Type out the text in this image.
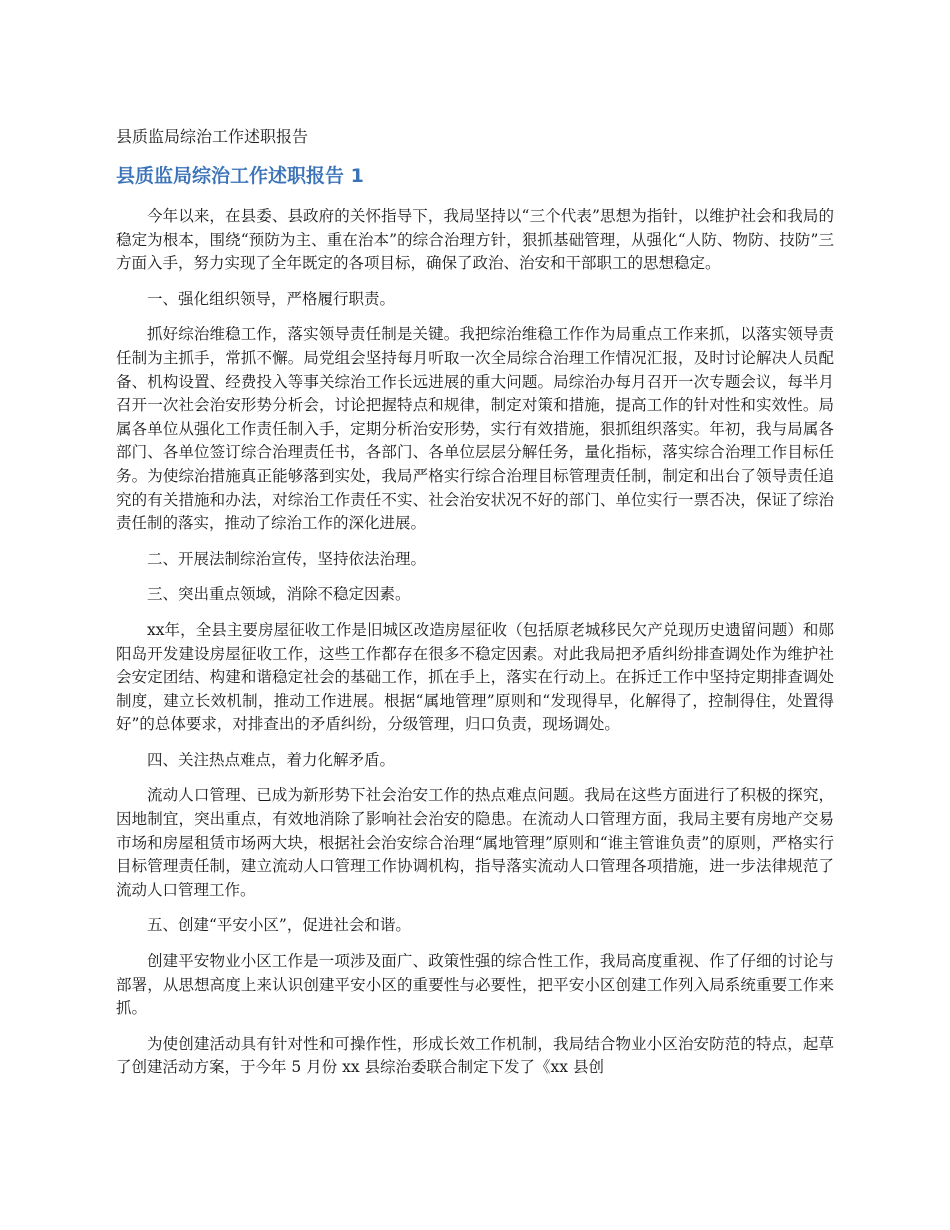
县质监局综治工作述职报告

县质监局综治工作述职报告 1

今年以来，在县委、县政府的关怀指导下，我局坚持以“三个代表”思想为指针，以维护社会和我局的稳定为根本，围绕“预防为主、重在治本”的综合治理方针，狠抓基础管理，从强化“人防、物防、技防”三方面入手，努力实现了全年既定的各项目标，确保了政治、治安和干部职工的思想稳定。

一、强化组织领导，严格履行职责。

抓好综治维稳工作，落实领导责任制是关键。我把综治维稳工作作为局重点工作来抓，以落实领导责任制为主抓手，常抓不懈。局党组会坚持每月听取一次全局综合治理工作情况汇报，及时讨论解决人员配备、机构设置、经费投入等事关综治工作长远进展的重大问题。局综治办每月召开一次专题会议，每半月召开一次社会治安形势分析会，讨论把握特点和规律，制定对策和措施，提高工作的针对性和实效性。局属各单位从强化工作责任制入手，定期分析治安形势，实行有效措施，狠抓组织落实。年初，我与局属各部门、各单位签订综合治理责任书，各部门、各单位层层分解任务，量化指标，落实综合治理工作目标任务。为使综治措施真正能够落到实处，我局严格实行综合治理目标管理责任制，制定和出台了领导责任追究的有关措施和办法，对综治工作责任不实、社会治安状况不好的部门、单位实行一票否决，保证了综治责任制的落实，推动了综治工作的深化进展。

二、开展法制综治宣传，坚持依法治理。

三、突出重点领域，消除不稳定因素。

xx年，全县主要房屋征收工作是旧城区改造房屋征收（包括原老城移民欠产兑现历史遗留问题）和郧阳岛开发建设房屋征收工作，这些工作都存在很多不稳定因素。对此我局把矛盾纠纷排查调处作为维护社会安定团结、构建和谐稳定社会的基础工作，抓在手上，落实在行动上。在拆迁工作中坚持定期排查调处制度，建立长效机制，推动工作进展。根据“属地管理”原则和“发现得早，化解得了，控制得住，处置得好”的总体要求，对排查出的矛盾纠纷，分级管理，归口负责，现场调处。

四、关注热点难点，着力化解矛盾。

流动人口管理、已成为新形势下社会治安工作的热点难点问题。我局在这些方面进行了积极的探究，因地制宜，突出重点，有效地消除了影响社会治安的隐患。在流动人口管理方面，我局主要有房地产交易市场和房屋租赁市场两大块，根据社会治安综合治理“属地管理”原则和“谁主管谁负责”的原则，严格实行目标管理责任制，建立流动人口管理工作协调机构，指导落实流动人口管理各项措施，进一步法律规范了流动人口管理工作。

五、创建“平安小区”，促进社会和谐。

创建平安物业小区工作是一项涉及面广、政策性强的综合性工作，我局高度重视、作了仔细的讨论与部署，从思想高度上来认识创建平安小区的重要性与必要性，把平安小区创建工作列入局系统重要工作来抓。

为使创建活动具有针对性和可操作性，形成长效工作机制，我局结合物业小区治安防范的特点，起草了创建活动方案，于今年 5 月份 xx 县综治委联合制定下发了《xx 县创
